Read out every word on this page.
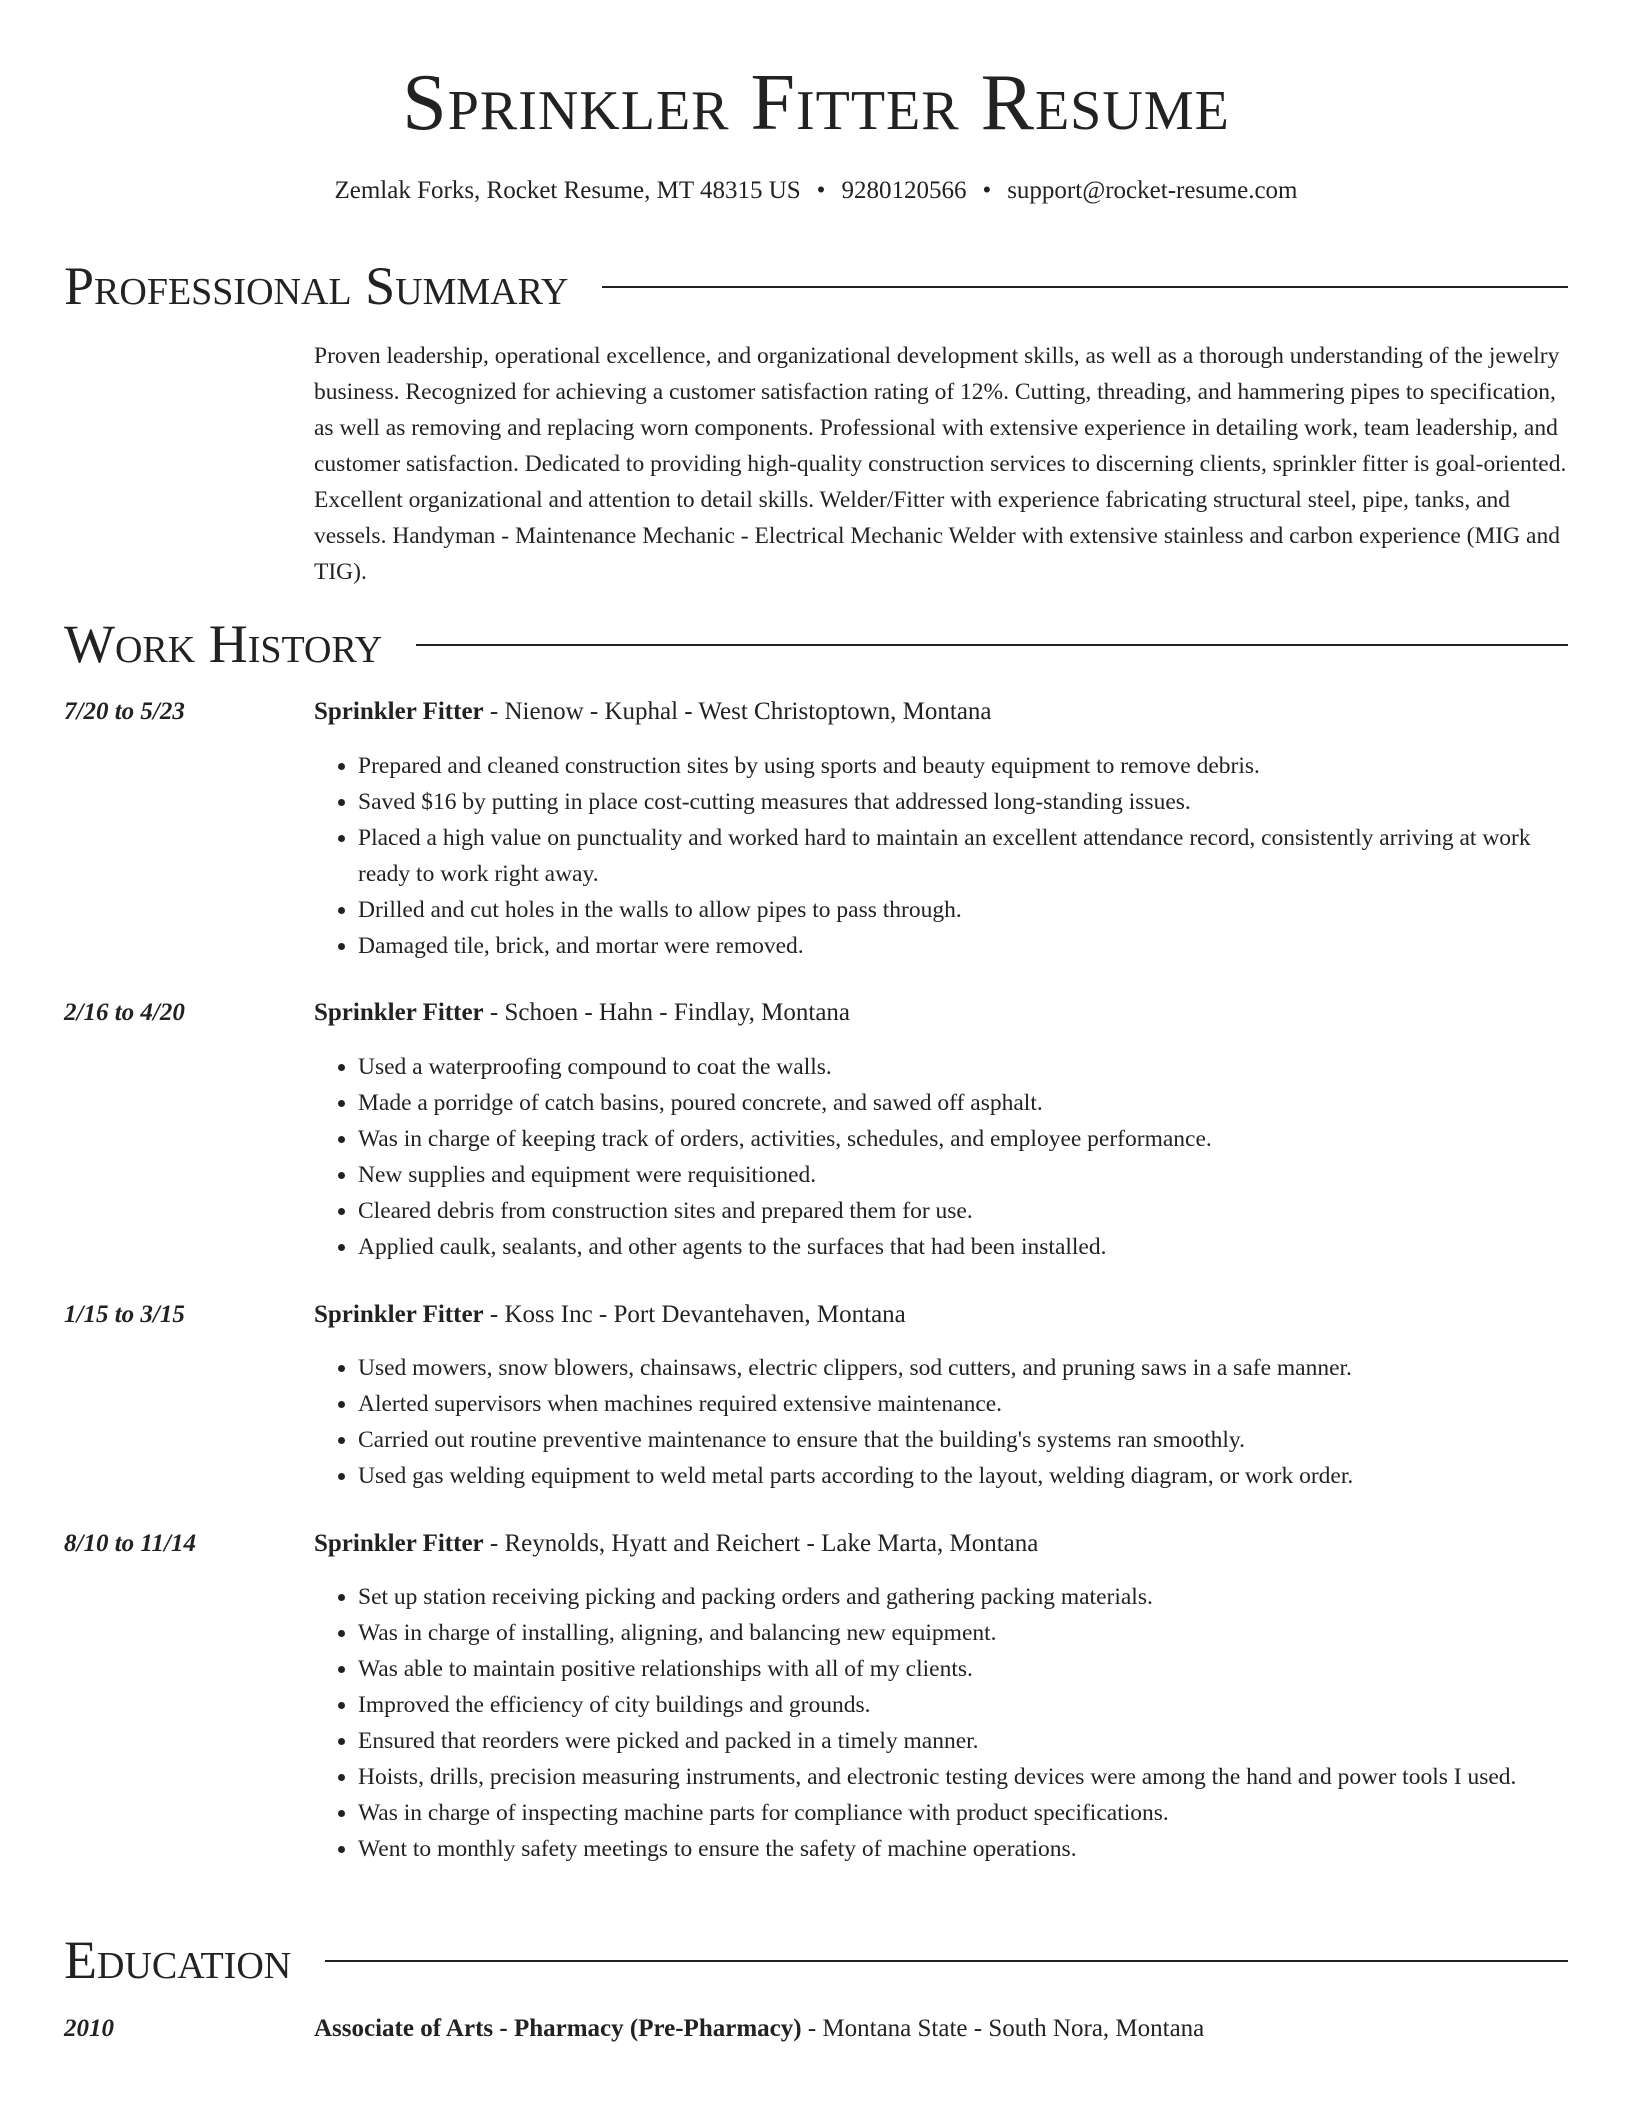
Sprinkler Fitter Resume
Zemlak Forks, Rocket Resume, MT 48315 US • 9280120566 • support@rocket-resume.com
Professional Summary

Proven leadership, operational excellence, and organizational development skills, as well as a thorough understanding of the jewelry business. Recognized for achieving a customer satisfaction rating of 12%. Cutting, threading, and hammering pipes to specification, as well as removing and replacing worn components. Professional with extensive experience in detailing work, team leadership, and customer satisfaction. Dedicated to providing high-quality construction services to discerning clients, sprinkler fitter is goal-oriented. Excellent organizational and attention to detail skills. Welder/Fitter with experience fabricating structural steel, pipe, tanks, and vessels. Handyman - Maintenance Mechanic - Electrical Mechanic Welder with extensive stainless and carbon experience (MIG and TIG).

Work History
7/20 to 5/23	Sprinkler Fitter - Nienow - Kuphal - West Christoptown, Montana
• Prepared and cleaned construction sites by using sports and beauty equipment to remove debris.
• Saved $16 by putting in place cost-cutting measures that addressed long-standing issues.
• Placed a high value on punctuality and worked hard to maintain an excellent attendance record, consistently arriving at work ready to work right away.
• Drilled and cut holes in the walls to allow pipes to pass through.
• Damaged tile, brick, and mortar were removed.
2/16 to 4/20	Sprinkler Fitter - Schoen - Hahn - Findlay, Montana
• Used a waterproofing compound to coat the walls.
• Made a porridge of catch basins, poured concrete, and sawed off asphalt.
• Was in charge of keeping track of orders, activities, schedules, and employee performance.
• New supplies and equipment were requisitioned.
• Cleared debris from construction sites and prepared them for use.
• Applied caulk, sealants, and other agents to the surfaces that had been installed.
1/15 to 3/15	Sprinkler Fitter - Koss Inc - Port Devantehaven, Montana
• Used mowers, snow blowers, chainsaws, electric clippers, sod cutters, and pruning saws in a safe manner.
• Alerted supervisors when machines required extensive maintenance.
• Carried out routine preventive maintenance to ensure that the building's systems ran smoothly.
• Used gas welding equipment to weld metal parts according to the layout, welding diagram, or work order.
8/10 to 11/14	Sprinkler Fitter - Reynolds, Hyatt and Reichert - Lake Marta, Montana
• Set up station receiving picking and packing orders and gathering packing materials.
• Was in charge of installing, aligning, and balancing new equipment.
• Was able to maintain positive relationships with all of my clients.
• Improved the efficiency of city buildings and grounds.
• Ensured that reorders were picked and packed in a timely manner.
• Hoists, drills, precision measuring instruments, and electronic testing devices were among the hand and power tools I used.
• Was in charge of inspecting machine parts for compliance with product specifications.
• Went to monthly safety meetings to ensure the safety of machine operations.
Education
2010	Associate of Arts - Pharmacy (Pre-Pharmacy) - Montana State - South Nora, Montana
